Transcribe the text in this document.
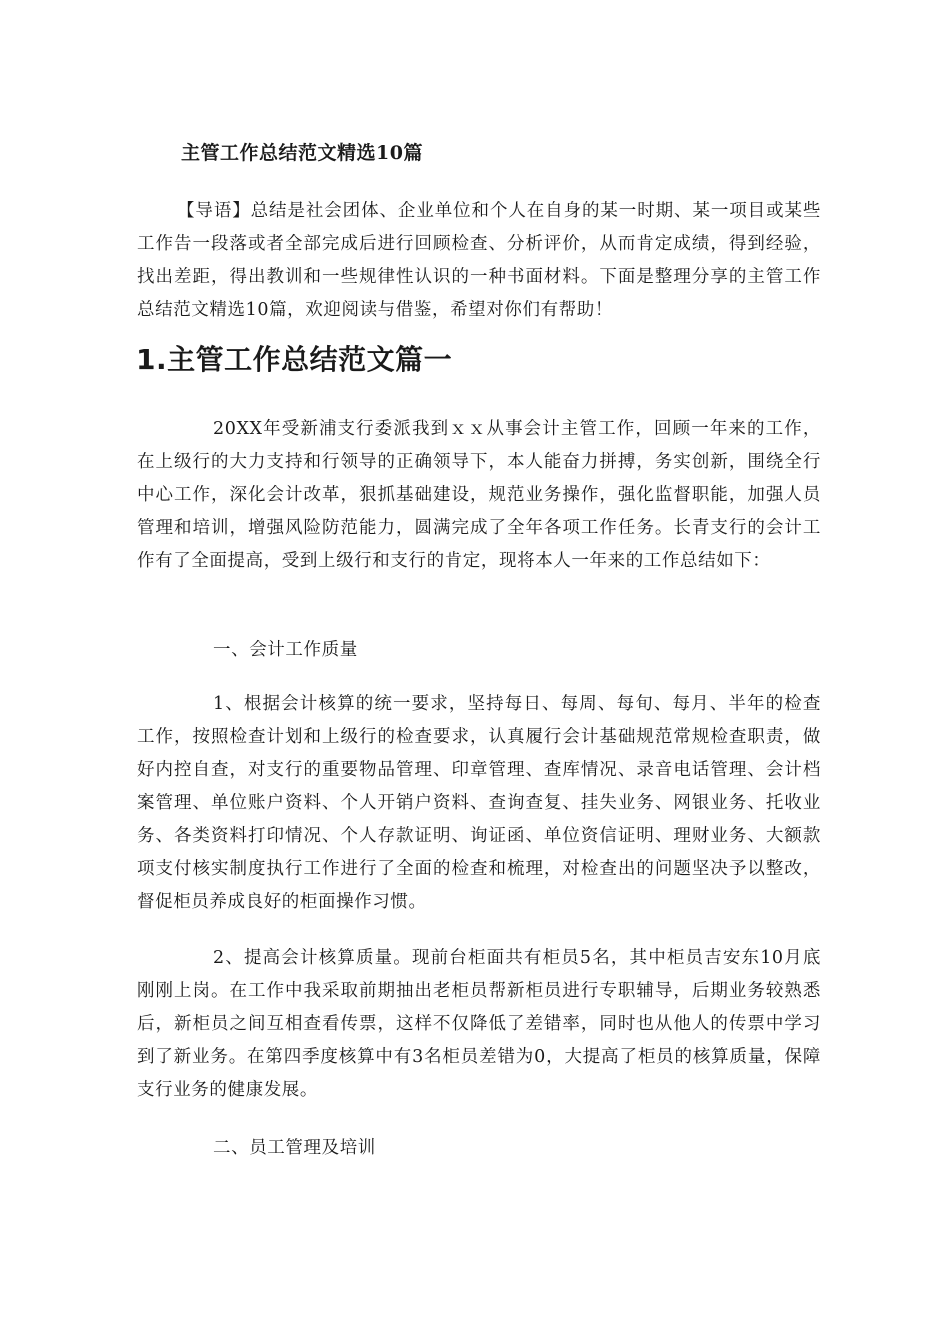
主管工作总结范文精选10篇

【导语】总结是社会团体、企业单位和个人在自身的某一时期、某一项目或某些工作告一段落或者全部完成后进行回顾检查、分析评价，从而肯定成绩，得到经验，找出差距，得出教训和一些规律性认识的一种书面材料。下面是整理分享的主管工作总结范文精选10篇，欢迎阅读与借鉴，希望对你们有帮助！

1.主管工作总结范文篇一

20XX年受新浦支行委派我到ｘｘ从事会计主管工作，回顾一年来的工作，在上级行的大力支持和行领导的正确领导下，本人能奋力拼搏，务实创新，围绕全行中心工作，深化会计改革，狠抓基础建设，规范业务操作，强化监督职能，加强人员管理和培训，增强风险防范能力，圆满完成了全年各项工作任务。长青支行的会计工作有了全面提高，受到上级行和支行的肯定，现将本人一年来的工作总结如下：

一、会计工作质量

1、根据会计核算的统一要求，坚持每日、每周、每旬、每月、半年的检查工作，按照检查计划和上级行的检查要求，认真履行会计基础规范常规检查职责，做好内控自查，对支行的重要物品管理、印章管理、查库情况、录音电话管理、会计档案管理、单位账户资料、个人开销户资料、查询查复、挂失业务、网银业务、托收业务、各类资料打印情况、个人存款证明、询证函、单位资信证明、理财业务、大额款项支付核实制度执行工作进行了全面的检查和梳理，对检查出的问题坚决予以整改，督促柜员养成良好的柜面操作习惯。

2、提高会计核算质量。现前台柜面共有柜员5名，其中柜员吉安东10月底刚刚上岗。在工作中我采取前期抽出老柜员帮新柜员进行专职辅导，后期业务较熟悉后，新柜员之间互相查看传票，这样不仅降低了差错率，同时也从他人的传票中学习到了新业务。在第四季度核算中有3名柜员差错为0，大提高了柜员的核算质量，保障支行业务的健康发展。

二、员工管理及培训
